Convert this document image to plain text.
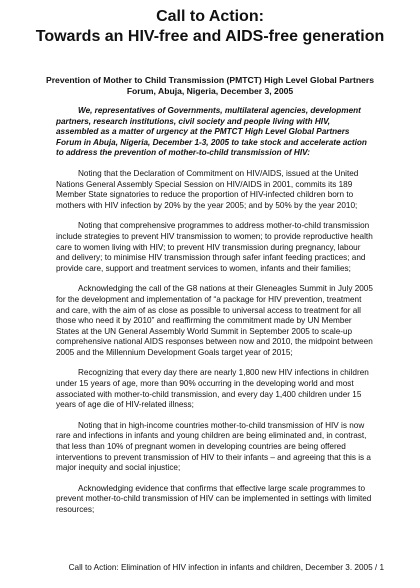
Call to Action:
Towards an HIV-free and AIDS-free generation
Prevention of Mother to Child Transmission (PMTCT) High Level Global Partners
Forum, Abuja, Nigeria, December 3, 2005

We, representatives of Governments, multilateral agencies, development partners, research institutions, civil society and people living with HIV, assembled as a matter of urgency at the PMTCT High Level Global Partners Forum in Abuja, Nigeria, December 1-3, 2005 to take stock and accelerate action to address the prevention of mother-to-child transmission of HIV:

Noting that the Declaration of Commitment on HIV/AIDS, issued at the United Nations General Assembly Special Session on HIV/AIDS in 2001, commits its 189 Member State signatories to reduce the proportion of HIV-infected children born to mothers with HIV infection by 20% by the year 2005; and by 50% by the year 2010;

Noting that comprehensive programmes to address mother-to-child transmission include strategies to prevent HIV transmission to women; to provide reproductive health care to women living with HIV; to prevent HIV transmission during pregnancy, labour and delivery; to minimise HIV transmission through safer infant feeding practices; and provide care, support and treatment services to women, infants and their families;

Acknowledging the call of the G8 nations at their Gleneagles Summit in July 2005 for the development and implementation of “a package for HIV prevention, treatment and care, with the aim of as close as possible to universal access to treatment for all those who need it by 2010” and reaffirming the commitment made by UN Member States at the UN General Assembly World Summit in September 2005 to scale-up comprehensive national AIDS responses between now and 2010, the midpoint between 2005 and the Millennium Development Goals target year of 2015;

Recognizing that every day there are nearly 1,800 new HIV infections in children under 15 years of age, more than 90% occurring in the developing world and most associated with mother-to-child transmission, and every day 1,400 children under 15 years of age die of HIV-related illness;

Noting that in high-income countries mother-to-child transmission of HIV is now rare and infections in infants and young children are being eliminated and, in contrast, that less than 10% of pregnant women in developing countries are being offered interventions to prevent transmission of HIV to their infants – and agreeing that this is a major inequity and social injustice;

Acknowledging evidence that confirms that effective large scale programmes to prevent mother-to-child transmission of HIV can be implemented in settings with limited resources;

Call to Action: Elimination of HIV infection in infants and children, December 3. 2005 / 1
